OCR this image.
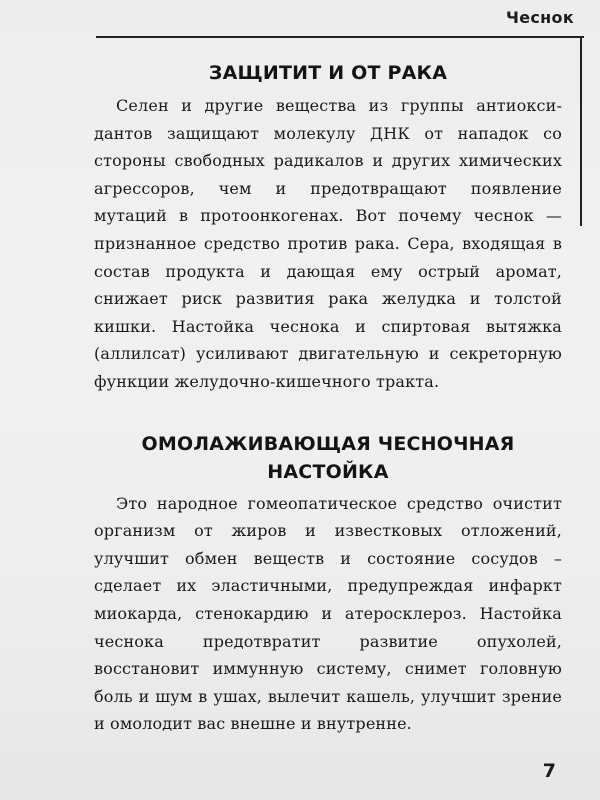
Чеснок
ЗАЩИТИТ И ОТ РАКА

Селен и другие вещества из группы антиокси-дантов защищают молекулу ДНК от нападок со стороны свободных радикалов и других химических агрессоров, чем и предотвращают появление мутаций в протоонкогенах. Вот почему чеснок — признанное средство против рака. Сера, входящая в состав продукта и дающая ему острый аромат, снижает риск развития рака желудка и толстой кишки. Настойка чеснока и спиртовая вытяжка (аллилсат) усиливают двигательную и секреторную функции желудочно-кишечного тракта.

ОМОЛАЖИВАЮЩАЯ ЧЕСНОЧНАЯ
НАСТОЙКА

Это народное гомеопатическое средство очистит организм от жиров и известковых отложений, улучшит обмен веществ и состояние сосудов – сделает их эластичными, предупреждая инфаркт миокарда, стенокардию и атеросклероз. Настойка чеснока предотвратит развитие опухолей, восстановит иммунную систему, снимет головную боль и шум в ушах, вылечит кашель, улучшит зрение и омолодит вас внешне и внутренне.

7
